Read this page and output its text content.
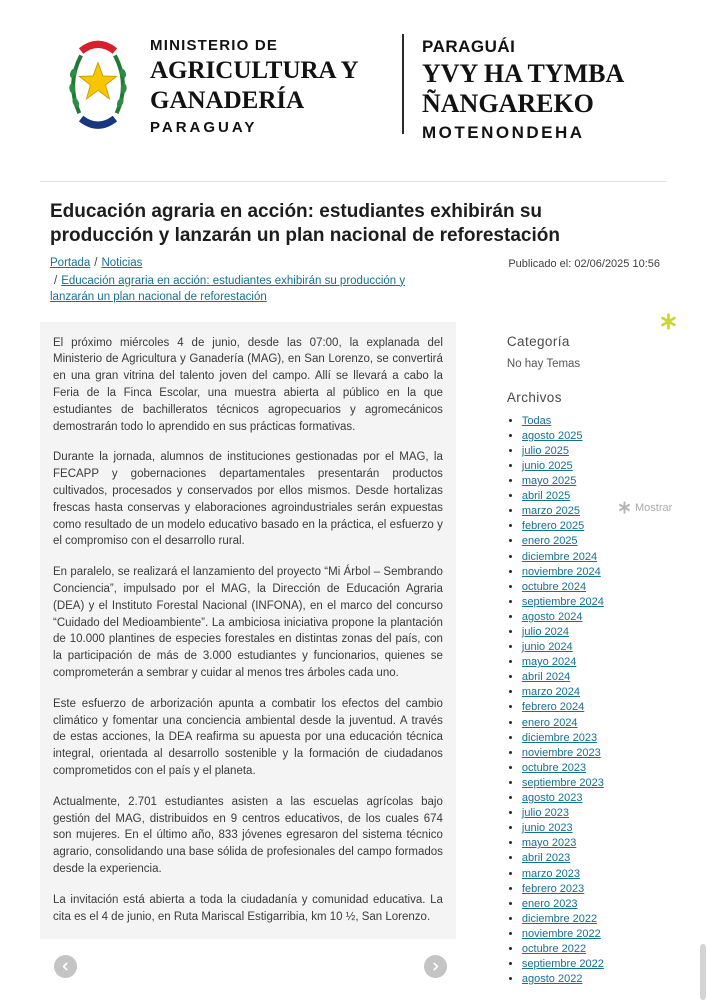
MINISTERIO DE
AGRICULTURA Y
GANADERÍA
PARAGUAY
PARAGUÁI
YVY HA TYMBA
ÑANGAREKO
MOTENONDEHA
Educación agraria en acción: estudiantes exhibirán su producción y lanzarán un plan nacional de reforestación
Portada / Noticias
/ Educación agraria en acción: estudiantes exhibirán su producción y lanzarán un plan nacional de reforestación
Publicado el: 02/06/2025 10:56

El próximo miércoles 4 de junio, desde las 07:00, la explanada del Ministerio de Agricultura y Ganadería (MAG), en San Lorenzo, se convertirá en una gran vitrina del talento joven del campo. Allí se llevará a cabo la Feria de la Finca Escolar, una muestra abierta al público en la que estudiantes de bachilleratos técnicos agropecuarios y agromecánicos demostrarán todo lo aprendido en sus prácticas formativas.

Durante la jornada, alumnos de instituciones gestionadas por el MAG, la FECAPP y gobernaciones departamentales presentarán productos cultivados, procesados y conservados por ellos mismos. Desde hortalizas frescas hasta conservas y elaboraciones agroindustriales serán expuestas como resultado de un modelo educativo basado en la práctica, el esfuerzo y el compromiso con el desarrollo rural.

En paralelo, se realizará el lanzamiento del proyecto “Mi Árbol – Sembrando Conciencia”, impulsado por el MAG, la Dirección de Educación Agraria (DEA) y el Instituto Forestal Nacional (INFONA), en el marco del concurso “Cuidado del Medioambiente”. La ambiciosa iniciativa propone la plantación de 10.000 plantines de especies forestales en distintas zonas del país, con la participación de más de 3.000 estudiantes y funcionarios, quienes se comprometerán a sembrar y cuidar al menos tres árboles cada uno.

Este esfuerzo de arborización apunta a combatir los efectos del cambio climático y fomentar una conciencia ambiental desde la juventud. A través de estas acciones, la DEA reafirma su apuesta por una educación técnica integral, orientada al desarrollo sostenible y la formación de ciudadanos comprometidos con el país y el planeta.

Actualmente, 2.701 estudiantes asisten a las escuelas agrícolas bajo gestión del MAG, distribuidos en 9 centros educativos, de los cuales 674 son mujeres. En el último año, 833 jóvenes egresaron del sistema técnico agrario, consolidando una base sólida de profesionales del campo formados desde la experiencia.

La invitación está abierta a toda la ciudadanía y comunidad educativa. La cita es el 4 de junio, en Ruta Mariscal Estigarribia, km 10 ½, San Lorenzo.

Categoría
No hay Temas
Archivos
• Todas
• agosto 2025
• julio 2025
• junio 2025
• mayo 2025
• abril 2025
• marzo 2025
• febrero 2025
• enero 2025
• diciembre 2024
• noviembre 2024
• octubre 2024
• septiembre 2024
• agosto 2024
• julio 2024
• junio 2024
• mayo 2024
• abril 2024
• marzo 2024
• febrero 2024
• enero 2024
• diciembre 2023
• noviembre 2023
• octubre 2023
• septiembre 2023
• agosto 2023
• julio 2023
• junio 2023
• mayo 2023
• abril 2023
• marzo 2023
• febrero 2023
• enero 2023
• diciembre 2022
• noviembre 2022
• octubre 2022
• septiembre 2022
• agosto 2022
Mostrar
